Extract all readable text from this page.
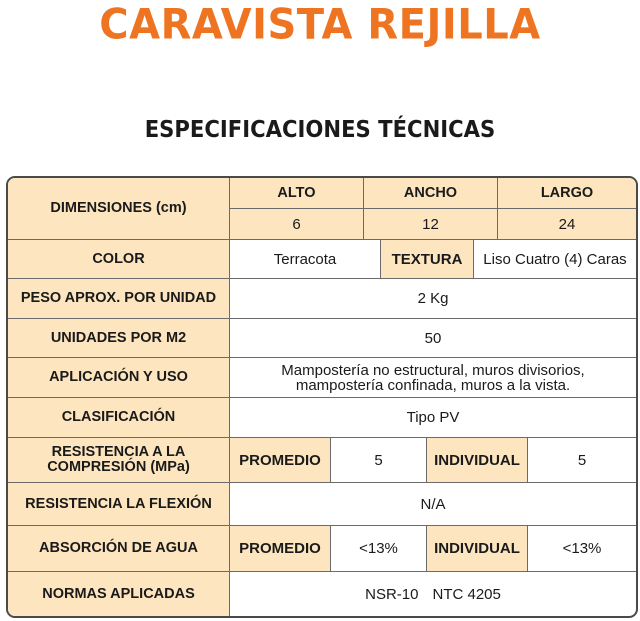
CARAVISTA REJILLA
ESPECIFICACIONES TÉCNICAS
DIMENSIONES (cm)
ALTO	ANCHO	LARGO
6	12	24
COLOR	Terracota	TEXTURA	Liso Cuatro (4) Caras
PESO APROX. POR UNIDAD	2 Kg
UNIDADES POR M2	50
APLICACIÓN Y USO	Mampostería no estructural, muros divisorios,
mampostería confinada, muros a la vista.
CLASIFICACIÓN	Tipo PV
RESISTENCIA A LA
COMPRESIÓN (MPa)	PROMEDIO	5	INDIVIDUAL	5
RESISTENCIA LA FLEXIÓN	N/A
ABSORCIÓN DE AGUA	PROMEDIO	<13%	INDIVIDUAL	<13%
NORMAS APLICADAS	NSR-10 NTC 4205
